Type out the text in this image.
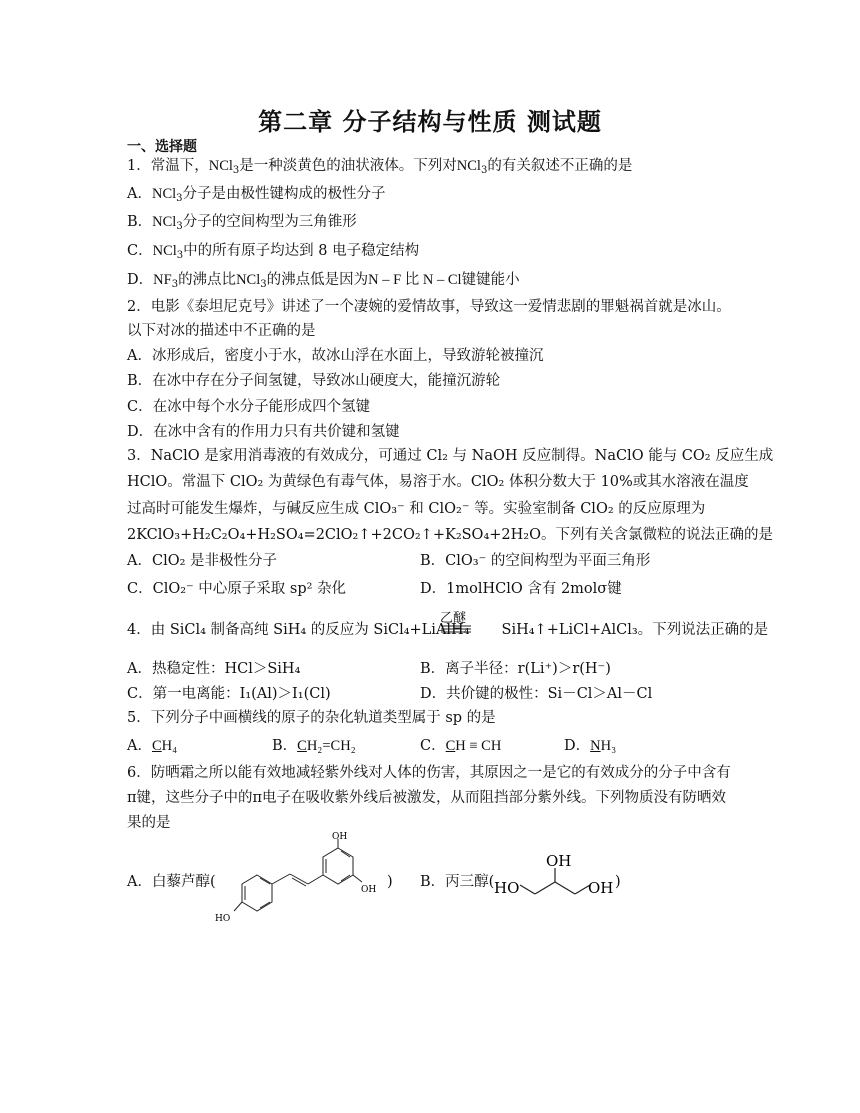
第二章 分子结构与性质 测试题
一、选择题
1．常温下，NCl$_3$是一种淡黄色的油状液体。下列对NCl$_3$的有关叙述不正确的是
A．NCl$_3$分子是由极性键构成的极性分子
B．NCl$_3$分子的空间构型为三角锥形
C．NCl$_3$中的所有原子均达到 8 电子稳定结构
D．$NF_3$的沸点比NCl$_3$的沸点低是因为N – F 比 N – Cl键键能小
2．电影《泰坦尼克号》讲述了一个凄婉的爱情故事，导致这一爱情悲剧的罪魁祸首就是冰山。
以下对冰的描述中不正确的是
A．冰形成后，密度小于水，故冰山浮在水面上，导致游轮被撞沉
B．在冰中存在分子间氢键，导致冰山硬度大，能撞沉游轮
C．在冰中每个水分子能形成四个氢键
D．在冰中含有的作用力只有共价键和氢键
3．NaClO 是家用消毒液的有效成分，可通过 Cl₂ 与 NaOH 反应制得。NaClO 能与 CO₂ 反应生成
HClO。常温下 ClO₂ 为黄绿色有毒气体，易溶于水。ClO₂ 体积分数大于 10%或其水溶液在温度
过高时可能发生爆炸，与碱反应生成 ClO₃⁻ 和 ClO₂⁻ 等。实验室制备 ClO₂ 的反应原理为
2KClO₃+H₂C₂O₄+H₂SO₄=2ClO₂↑+2CO₂↑+K₂SO₄+2H₂O。下列有关含氯微粒的说法正确的是
A．ClO₂ 是非极性分子	B．ClO₃⁻ 的空间构型为平面三角形
C．ClO₂⁻ 中心原子采取 sp² 杂化	D．1molHClO 含有 2molσ键
乙醚
4．由 SiCl₄ 制备高纯 SiH₄ 的反应为 SiCl₄+LiAlH₄ SiH₄↑+LiCl+AlCl₃。下列说法正确的是
A．热稳定性：HCl＞SiH₄	B．离子半径：r(Li⁺)＞r(H⁻)
C．第一电离能：I₁(Al)＞I₁(Cl)	D．共价键的极性：Si－Cl＞Al－Cl
5．下列分子中画横线的原子的杂化轨道类型属于 sp 的是
A．CH₄	B．CH₂=CH₂	C．CH ≡ CH	D．NH₃
6．防晒霜之所以能有效地减轻紫外线对人体的伤害，其原因之一是它的有效成分的分子中含有
π键，这些分子中的π电子在吸收紫外线后被激发，从而阻挡部分紫外线。下列物质没有防晒效
果的是
A．白藜芦醇(	) B．丙三醇(	)
OH
OH
HO
HO
OH
OH
